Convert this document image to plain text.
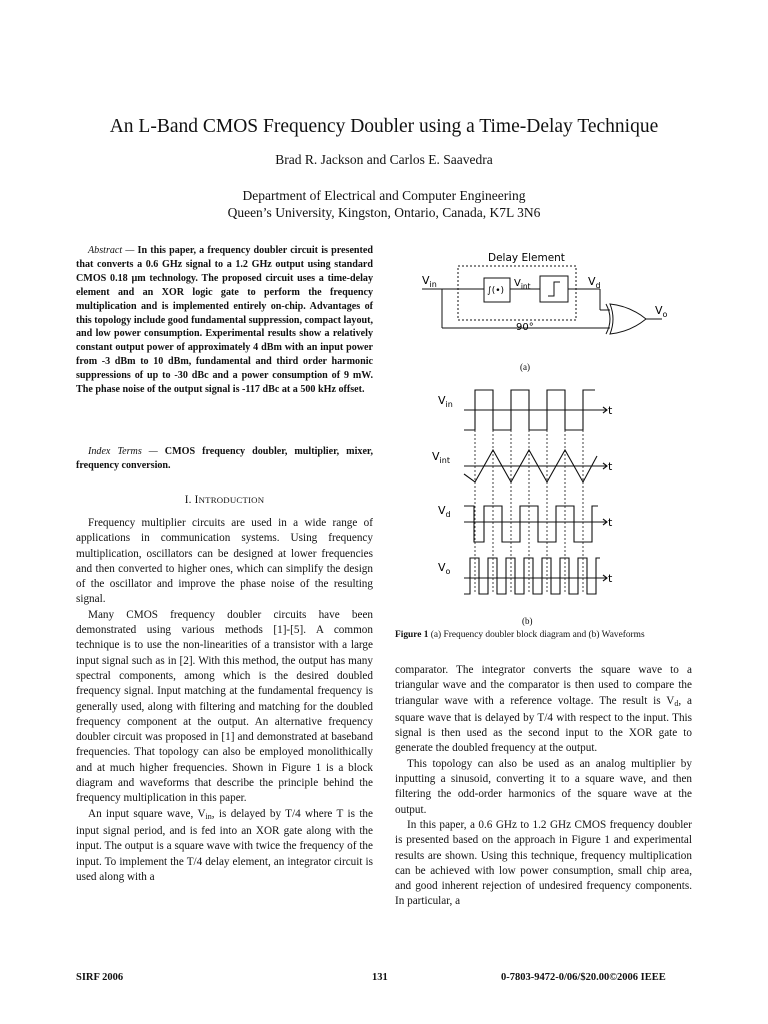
An L-Band CMOS Frequency Doubler using a Time-Delay Technique
Brad R. Jackson and Carlos E. Saavedra
Department of Electrical and Computer Engineering
Queen’s University, Kingston, Ontario, Canada, K7L 3N6
Abstract — In this paper, a frequency doubler circuit is presented that converts a 0.6 GHz signal to a 1.2 GHz output using standard CMOS 0.18 µm technology. The proposed circuit uses a time-delay element and an XOR logic gate to perform the frequency multiplication and is implemented entirely on-chip. Advantages of this topology include good fundamental suppression, compact layout, and low power consumption. Experimental results show a relatively constant output power of approximately 4 dBm with an input power from -3 dBm to 10 dBm, fundamental and third order harmonic suppressions of up to -30 dBc and a power consumption of 9 mW. The phase noise of the output signal is -117 dBc at a 500 kHz offset.
Index Terms — CMOS frequency doubler, multiplier, mixer, frequency conversion.
I. INTRODUCTION

Frequency multiplier circuits are used in a wide range of applications in communication systems. Using frequency multiplication, oscillators can be designed at lower frequencies and then converted to higher ones, which can simplify the design of the oscillator and improve the phase noise of the resulting signal.

Many CMOS frequency doubler circuits have been demonstrated using various methods [1]-[5]. A common technique is to use the non-linearities of a transistor with a large input signal such as in [2]. With this method, the output has many spectral components, among which is the desired doubled frequency signal. Input matching at the fundamental frequency is generally used, along with filtering and matching for the doubled frequency component at the output. An alternative frequency doubler circuit was proposed in [1] and demonstrated at baseband frequencies. That topology can also be employed monolithically and at much higher frequencies. Shown in Figure 1 is a block diagram and waveforms that describe the principle behind the frequency multiplication in this paper.

An input square wave, $V_{in}$, is delayed by T/4 where T is the input signal period, and is fed into an XOR gate along with the input. The output is a square wave with twice the frequency of the input. To implement the T/4 delay element, an integrator circuit is used along with a

Delay Element
$V_{in}$
∫(•)
$V_{int}$	$V_d$
$V_o$
90°
(a)
$V_{in}$
$V_{int}$
$V_d$
$V_o$
t
t
t
t
(b)
Figure 1 (a) Frequency doubler block diagram and (b) Waveforms

comparator. The integrator converts the square wave to a triangular wave and the comparator is then used to compare the triangular wave with a reference voltage. The result is $V_d$, a square wave that is delayed by T/4 with respect to the input. This signal is then used as the second input to the XOR gate to generate the doubled frequency at the output.

This topology can also be used as an analog multiplier by inputting a sinusoid, converting it to a square wave, and then filtering the odd-order harmonics of the square wave at the output.

In this paper, a 0.6 GHz to 1.2 GHz CMOS frequency doubler is presented based on the approach in Figure 1 and experimental results are shown. Using this technique, frequency multiplication can be achieved with low power consumption, small chip area, and good inherent rejection of undesired frequency components. In particular, a

SIRF 2006	131	0-7803-9472-0/06/$20.00©2006 IEEE
